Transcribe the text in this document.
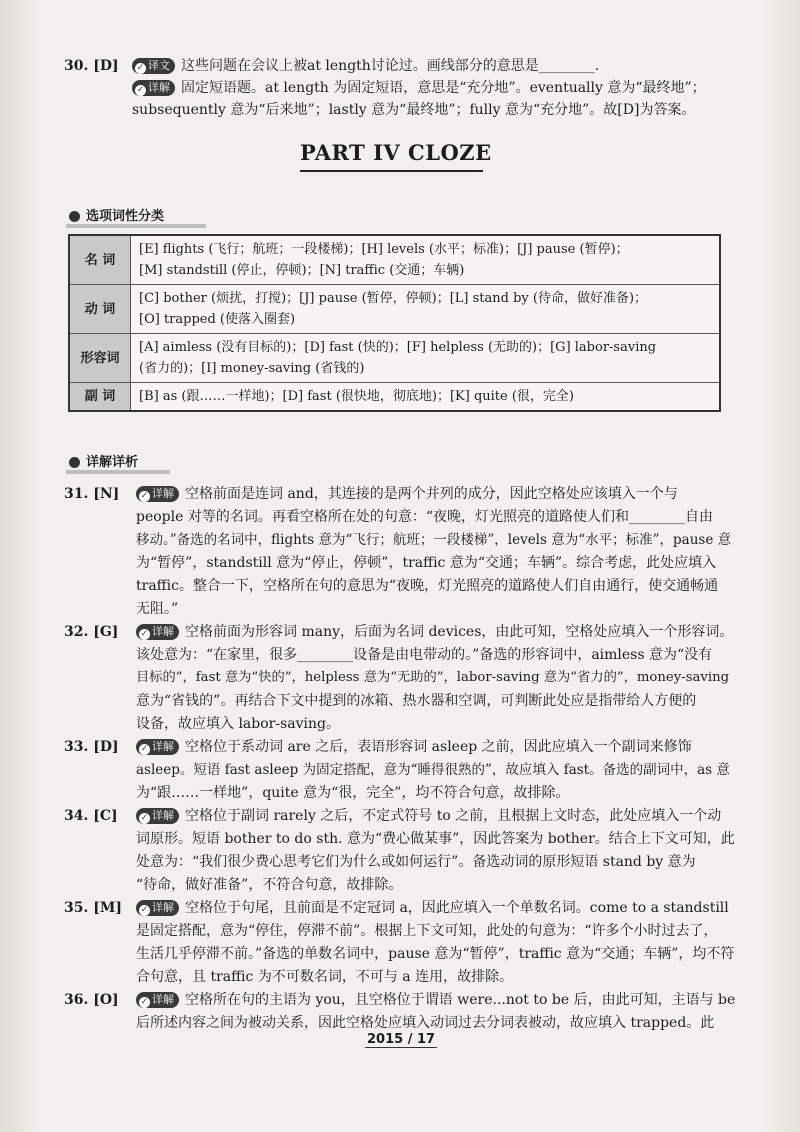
30. [D]	✓ 译文 这些问题在会议上被at length讨论过。画线部分的意思是________.
✓ 详解 固定短语题。at length 为固定短语，意思是“充分地”。eventually 意为“最终地”；
subsequently 意为“后来地”；lastly 意为“最终地”；fully 意为“充分地”。故[D]为答案。
PART IV CLOZE
选项词性分类
名 词	[E] flights (飞行；航班；一段楼梯)；[H] levels (水平；标准)；[J] pause (暂停)；
[M] standstill (停止，停顿)；[N] traffic (交通；车辆)

动 词	[C] bother (烦扰，打搅)；[J] pause (暂停，停顿)；[L] stand by (待命，做好准备)；
[O] trapped (使落入圈套)

形容词	[A] aimless (没有目标的)；[D] fast (快的)；[F] helpless (无助的)；[G] labor-saving
(省力的)；[I] money-saving (省钱的)

副 词	[B] as (跟……一样地)；[D] fast (很快地，彻底地)；[K] quite (很，完全)
详解详析
31. [N]	✓ 详解 空格前面是连词 and，其连接的是两个并列的成分，因此空格处应该填入一个与
people 对等的名词。再看空格所在处的句意：“夜晚，灯光照亮的道路使人们和________自由
移动。”备选的名词中，flights 意为“飞行；航班；一段楼梯”，levels 意为“水平；标准”，pause 意
为“暂停”，standstill 意为“停止，停顿”，traffic 意为“交通；车辆”。综合考虑，此处应填入
traffic。整合一下，空格所在句的意思为“夜晚，灯光照亮的道路使人们自由通行，使交通畅通
无阻。”
32. [G]	✓ 详解 空格前面为形容词 many，后面为名词 devices，由此可知，空格处应填入一个形容词。
该处意为：“在家里，很多________设备是由电带动的。”备选的形容词中，aimless 意为“没有
目标的”，fast 意为“快的”，helpless 意为“无助的”，labor-saving 意为“省力的”，money-saving
意为“省钱的”。再结合下文中提到的冰箱、热水器和空调，可判断此处应是指带给人方便的
设备，故应填入 labor-saving。
33. [D]	✓ 详解 空格位于系动词 are 之后，表语形容词 asleep 之前，因此应填入一个副词来修饰
asleep。短语 fast asleep 为固定搭配，意为“睡得很熟的”，故应填入 fast。备选的副词中，as 意
为“跟……一样地”，quite 意为“很，完全”，均不符合句意，故排除。
34. [C]	✓ 详解 空格位于副词 rarely 之后，不定式符号 to 之前，且根据上文时态，此处应填入一个动
词原形。短语 bother to do sth. 意为“费心做某事”，因此答案为 bother。结合上下文可知，此
处意为：“我们很少费心思考它们为什么或如何运行”。备选动词的原形短语 stand by 意为
“待命，做好准备”，不符合句意，故排除。
35. [M]	✓ 详解 空格位于句尾，且前面是不定冠词 a，因此应填入一个单数名词。come to a standstill
是固定搭配，意为“停住，停滞不前”。根据上下文可知，此处的句意为：“许多个小时过去了，
生活几乎停滞不前。”备选的单数名词中，pause 意为“暂停”，traffic 意为“交通；车辆”，均不符
合句意，且 traffic 为不可数名词，不可与 a 连用，故排除。
36. [O]	✓ 详解 空格所在句的主语为 you，且空格位于谓语 were...not to be 后，由此可知，主语与 be
后所述内容之间为被动关系，因此空格处应填入动词过去分词表被动，故应填入 trapped。此
2015 / 17
